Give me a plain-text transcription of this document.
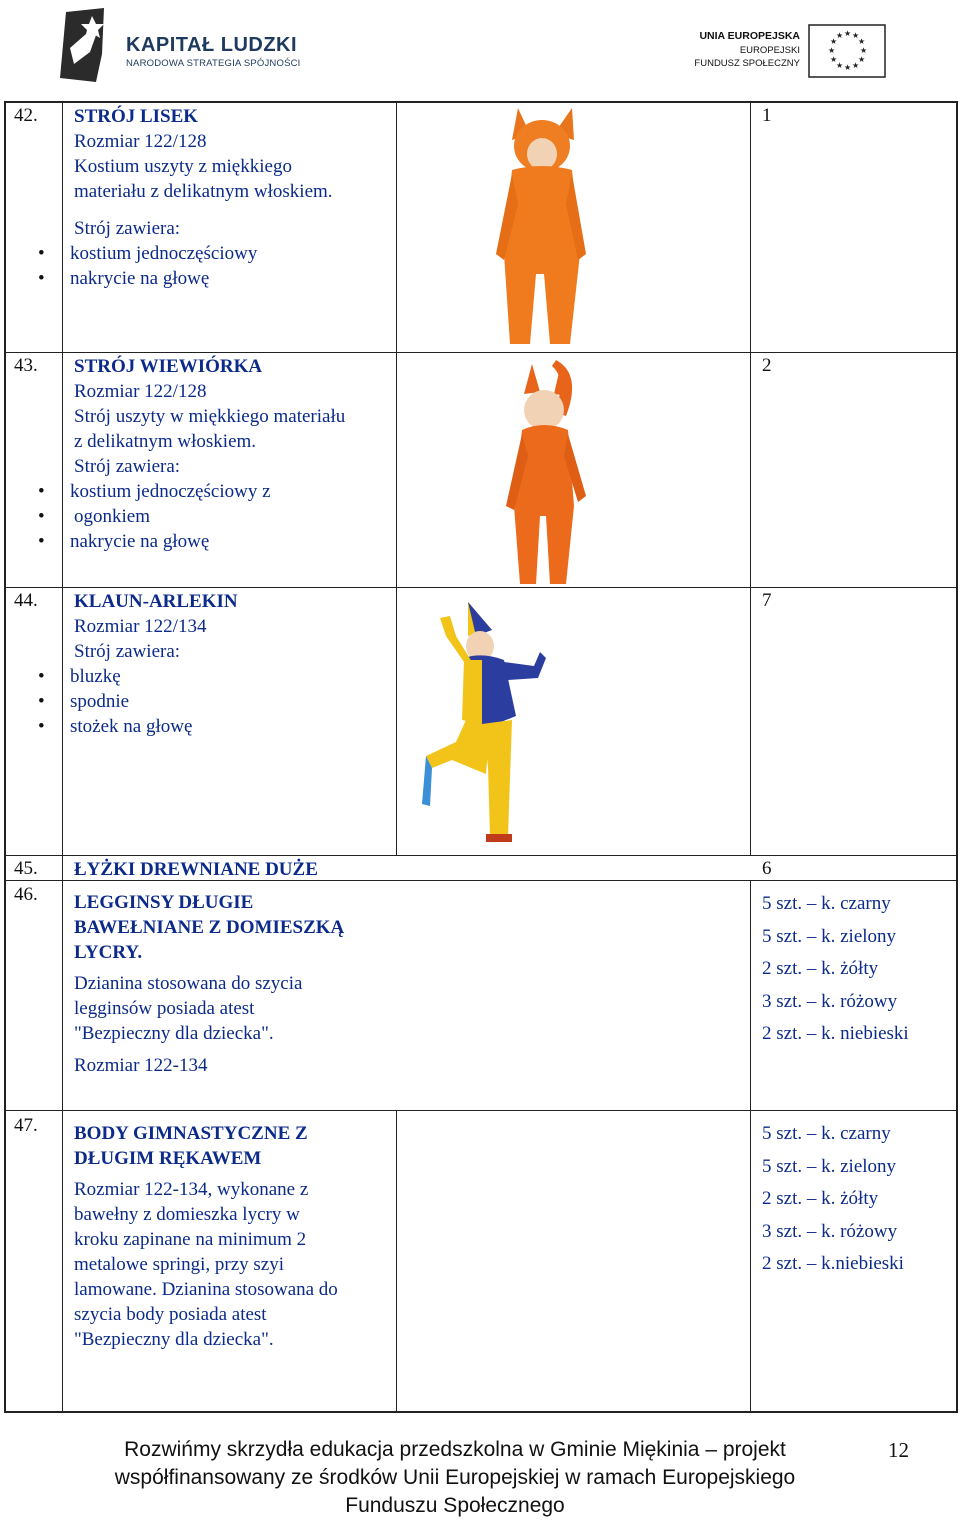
KAPITAŁ LUDZKI
NARODOWA STRATEGIA SPÓJNOŚCI
UNIA EUROPEJSKA
EUROPEJSKI
FUNDUSZ SPOŁECZNY
★ ★
★
★
★
★
★
★
★
★
★
★
42. STRÓJ LISEK
Rozmiar 122/128
Kostium uszyty z miękkiego
materiału z delikatnym włoskiem.
Strój zawiera:
• kostium jednoczęściowy
• nakrycie na głowę
1
43. STRÓJ WIEWIÓRKA
Rozmiar 122/128
Strój uszyty w miękkiego materiału
z delikatnym włoskiem.
Strój zawiera:
• kostium jednoczęściowy z
• ogonkiem
• nakrycie na głowę
2
44. KLAUN-ARLEKIN
Rozmiar 122/134
Strój zawiera:
• bluzkę
• spodnie
• stożek na głowę
7
45. ŁYŻKI DREWNIANE DUŻE	6
46. LEGGINSY DŁUGIE
BAWEŁNIANE Z DOMIESZKĄ
LYCRY.
Dzianina stosowana do szycia
legginsów posiada atest
"Bezpieczny dla dziecka".
Rozmiar 122-134
5 szt. – k. czarny
5 szt. – k. zielony
2 szt. – k. żółty
3 szt. – k. różowy
2 szt. – k. niebieski
47. BODY GIMNASTYCZNE Z
DŁUGIM RĘKAWEM
Rozmiar 122-134, wykonane z
bawełny z domieszka lycry w
kroku zapinane na minimum 2
metalowe springi, przy szyi
lamowane. Dzianina stosowana do
szycia body posiada atest
"Bezpieczny dla dziecka".
5 szt. – k. czarny
5 szt. – k. zielony
2 szt. – k. żółty
3 szt. – k. różowy
2 szt. – k.niebieski
Rozwińmy skrzydła edukacja przedszkolna w Gminie Miękinia – projekt
współfinansowany ze środków Unii Europejskiej w ramach Europejskiego
Funduszu Społecznego
12
